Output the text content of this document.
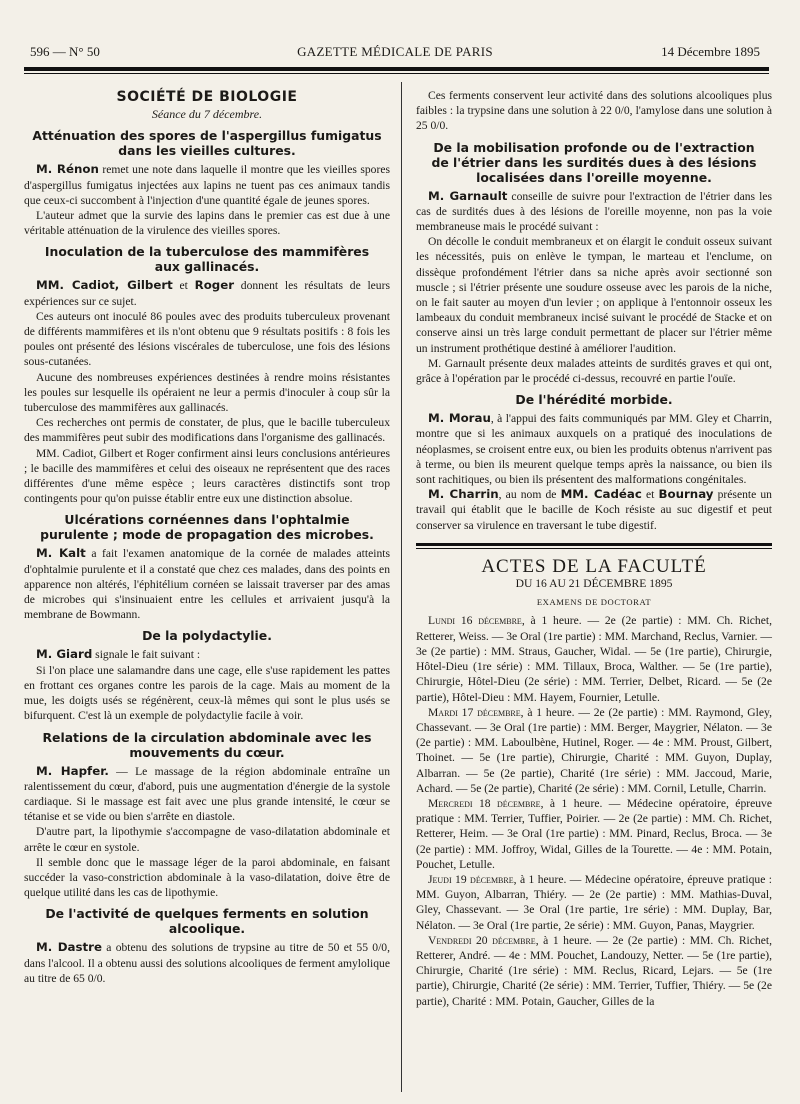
596 — N° 50	GAZETTE MÉDICALE DE PARIS	14 Décembre 1895
SOCIÉTÉ DE BIOLOGIE
Séance du 7 décembre.
Atténuation des spores de l'aspergillus fumigatus dans les vieilles cultures.

M. Rénon remet une note dans laquelle il montre que les vieilles spores d'aspergillus fumigatus injectées aux lapins ne tuent pas ces animaux tandis que ceux-ci succombent à l'injection d'une quantité égale de jeunes spores.

L'auteur admet que la survie des lapins dans le premier cas est due à une véritable atténuation de la virulence des vieilles spores.

Inoculation de la tuberculose des mammifères aux gallinacés.

MM. Cadiot, Gilbert et Roger donnent les résultats de leurs expériences sur ce sujet.

Ces auteurs ont inoculé 86 poules avec des produits tuberculeux provenant de différents mammifères et ils n'ont obtenu que 9 résultats positifs : 8 fois les poules ont présenté des lésions viscérales de tuberculose, une fois des lésions sous-cutanées.

Aucune des nombreuses expériences destinées à rendre moins résistantes les poules sur lesquelle ils opéraient ne leur a permis d'inoculer à coup sûr la tuberculose des mammifères aux gallinacés.

Ces recherches ont permis de constater, de plus, que le bacille tuberculeux des mammifères peut subir des modifications dans l'organisme des gallinacés.

MM. Cadiot, Gilbert et Roger confirment ainsi leurs conclusions antérieures ; le bacille des mammifères et celui des oiseaux ne représentent que des races différentes d'une même espèce ; leurs caractères distinctifs sont trop contingents pour qu'on puisse établir entre eux une distinction absolue.

Ulcérations cornéennes dans l'ophtalmie purulente ; mode de propagation des microbes.

M. Kalt a fait l'examen anatomique de la cornée de malades atteints d'ophtalmie purulente et il a constaté que chez ces malades, dans des points en apparence non altérés, l'éphitélium cornéen se laissait traverser par des amas de microbes qui s'insinuaient entre les cellules et arrivaient jusqu'à la membrane de Bowmann.

De la polydactylie.

M. Giard signale le fait suivant :

Si l'on place une salamandre dans une cage, elle s'use rapidement les pattes en frottant ces organes contre les parois de la cage. Mais au moment de la mue, les doigts usés se régénèrent, ceux-là mêmes qui sont le plus usés se bifurquent. C'est là un exemple de polydactylie facile à voir.

Relations de la circulation abdominale avec les mouvements du cœur.

M. Hapfer. — Le massage de la région abdominale entraîne un ralentissement du cœur, d'abord, puis une augmentation d'énergie de la systole cardiaque. Si le massage est fait avec une plus grande intensité, le cœur se tétanise et se vide ou bien s'arrête en diastole.

D'autre part, la lipothymie s'accompagne de vaso-dilatation abdominale et arrête le cœur en systole.

Il semble donc que le massage léger de la paroi abdominale, en faisant succéder la vaso-constriction abdominale à la vaso-dilatation, doive être de quelque utilité dans les cas de lipothymie.

De l'activité de quelques ferments en solution alcoolique.

M. Dastre a obtenu des solutions de trypsine au titre de 50 et 55 0/0, dans l'alcool. Il a obtenu aussi des solutions alcooliques de ferment amylolique au titre de 65 0/0.

Ces ferments conservent leur activité dans des solutions alcooliques plus faibles : la trypsine dans une solution à 22 0/0, l'amylose dans une solution à 25 0/0.

De la mobilisation profonde ou de l'extraction de l'étrier dans les surdités dues à des lésions localisées dans l'oreille moyenne.

M. Garnault conseille de suivre pour l'extraction de l'étrier dans les cas de surdités dues à des lésions de l'oreille moyenne, non pas la voie membraneuse mais le procédé suivant :

On décolle le conduit membraneux et on élargit le conduit osseux suivant les nécessités, puis on enlève le tympan, le marteau et l'enclume, on dissèque profondément l'étrier dans sa niche après avoir sectionné son muscle ; si l'étrier présente une soudure osseuse avec les parois de la niche, on le fait sauter au moyen d'un levier ; on applique à l'entonnoir osseux les lambeaux du conduit membraneux incisé suivant le procédé de Stacke et on conserve ainsi un très large conduit permettant de placer sur l'étrier même un instrument prothétique destiné à améliorer l'audition.

M. Garnault présente deux malades atteints de surdités graves et qui ont, grâce à l'opération par le procédé ci-dessus, recouvré en partie l'ouïe.

De l'hérédité morbide.

M. Morau, à l'appui des faits communiqués par MM. Gley et Charrin, montre que si les animaux auxquels on a pratiqué des inoculations de néoplasmes, se croisent entre eux, ou bien les produits obtenus n'arrivent pas à terme, ou bien ils meurent quelque temps après la naissance, ou bien ils sont rachitiques, ou bien ils présentent des malformations congénitales.

M. Charrin, au nom de MM. Cadéac et Bournay présente un travail qui établit que le bacille de Koch résiste au suc digestif et peut conserver sa virulence en traversant le tube digestif.

ACTES DE LA FACULTÉ
DU 16 AU 21 DÉCEMBRE 1895
EXAMENS DE DOCTORAT

Lundi 16 décembre, à 1 heure. — 2e (2e partie) : MM. Ch. Richet, Retterer, Weiss. — 3e Oral (1re partie) : MM. Marchand, Reclus, Varnier. — 3e (2e partie) : MM. Straus, Gaucher, Widal. — 5e (1re partie), Chirurgie, Hôtel-Dieu (1re série) : MM. Tillaux, Broca, Walther. — 5e (1re partie), Chirurgie, Hôtel-Dieu (2e série) : MM. Terrier, Delbet, Ricard. — 5e (2e partie), Hôtel-Dieu : MM. Hayem, Fournier, Letulle.

Mardi 17 décembre, à 1 heure. — 2e (2e partie) : MM. Raymond, Gley, Chassevant. — 3e Oral (1re partie) : MM. Berger, Maygrier, Nélaton. — 3e (2e partie) : MM. Laboulbène, Hutinel, Roger. — 4e : MM. Proust, Gilbert, Thoinet. — 5e (1re partie), Chirurgie, Charité : MM. Guyon, Duplay, Albarran. — 5e (2e partie), Charité (1re série) : MM. Jaccoud, Marie, Achard. — 5e (2e partie), Charité (2e série) : MM. Cornil, Letulle, Charrin.

Mercredi 18 décembre, à 1 heure. — Médecine opératoire, épreuve pratique : MM. Terrier, Tuffier, Poirier. — 2e (2e partie) : MM. Ch. Richet, Retterer, Heim. — 3e Oral (1re partie) : MM. Pinard, Reclus, Broca. — 3e (2e partie) : MM. Joffroy, Widal, Gilles de la Tourette. — 4e : MM. Potain, Pouchet, Letulle.

Jeudi 19 décembre, à 1 heure. — Médecine opératoire, épreuve pratique : MM. Guyon, Albarran, Thiéry. — 2e (2e partie) : MM. Mathias-Duval, Gley, Chassevant. — 3e Oral (1re partie, 1re série) : MM. Duplay, Bar, Nélaton. — 3e Oral (1re partie, 2e série) : MM. Guyon, Panas, Maygrier.

Vendredi 20 décembre, à 1 heure. — 2e (2e partie) : MM. Ch. Richet, Retterer, André. — 4e : MM. Pouchet, Landouzy, Netter. — 5e (1re partie), Chirurgie, Charité (1re série) : MM. Reclus, Ricard, Lejars. — 5e (1re partie), Chirurgie, Charité (2e série) : MM. Terrier, Tuffier, Thiéry. — 5e (2e partie), Charité : MM. Potain, Gaucher, Gilles de la
